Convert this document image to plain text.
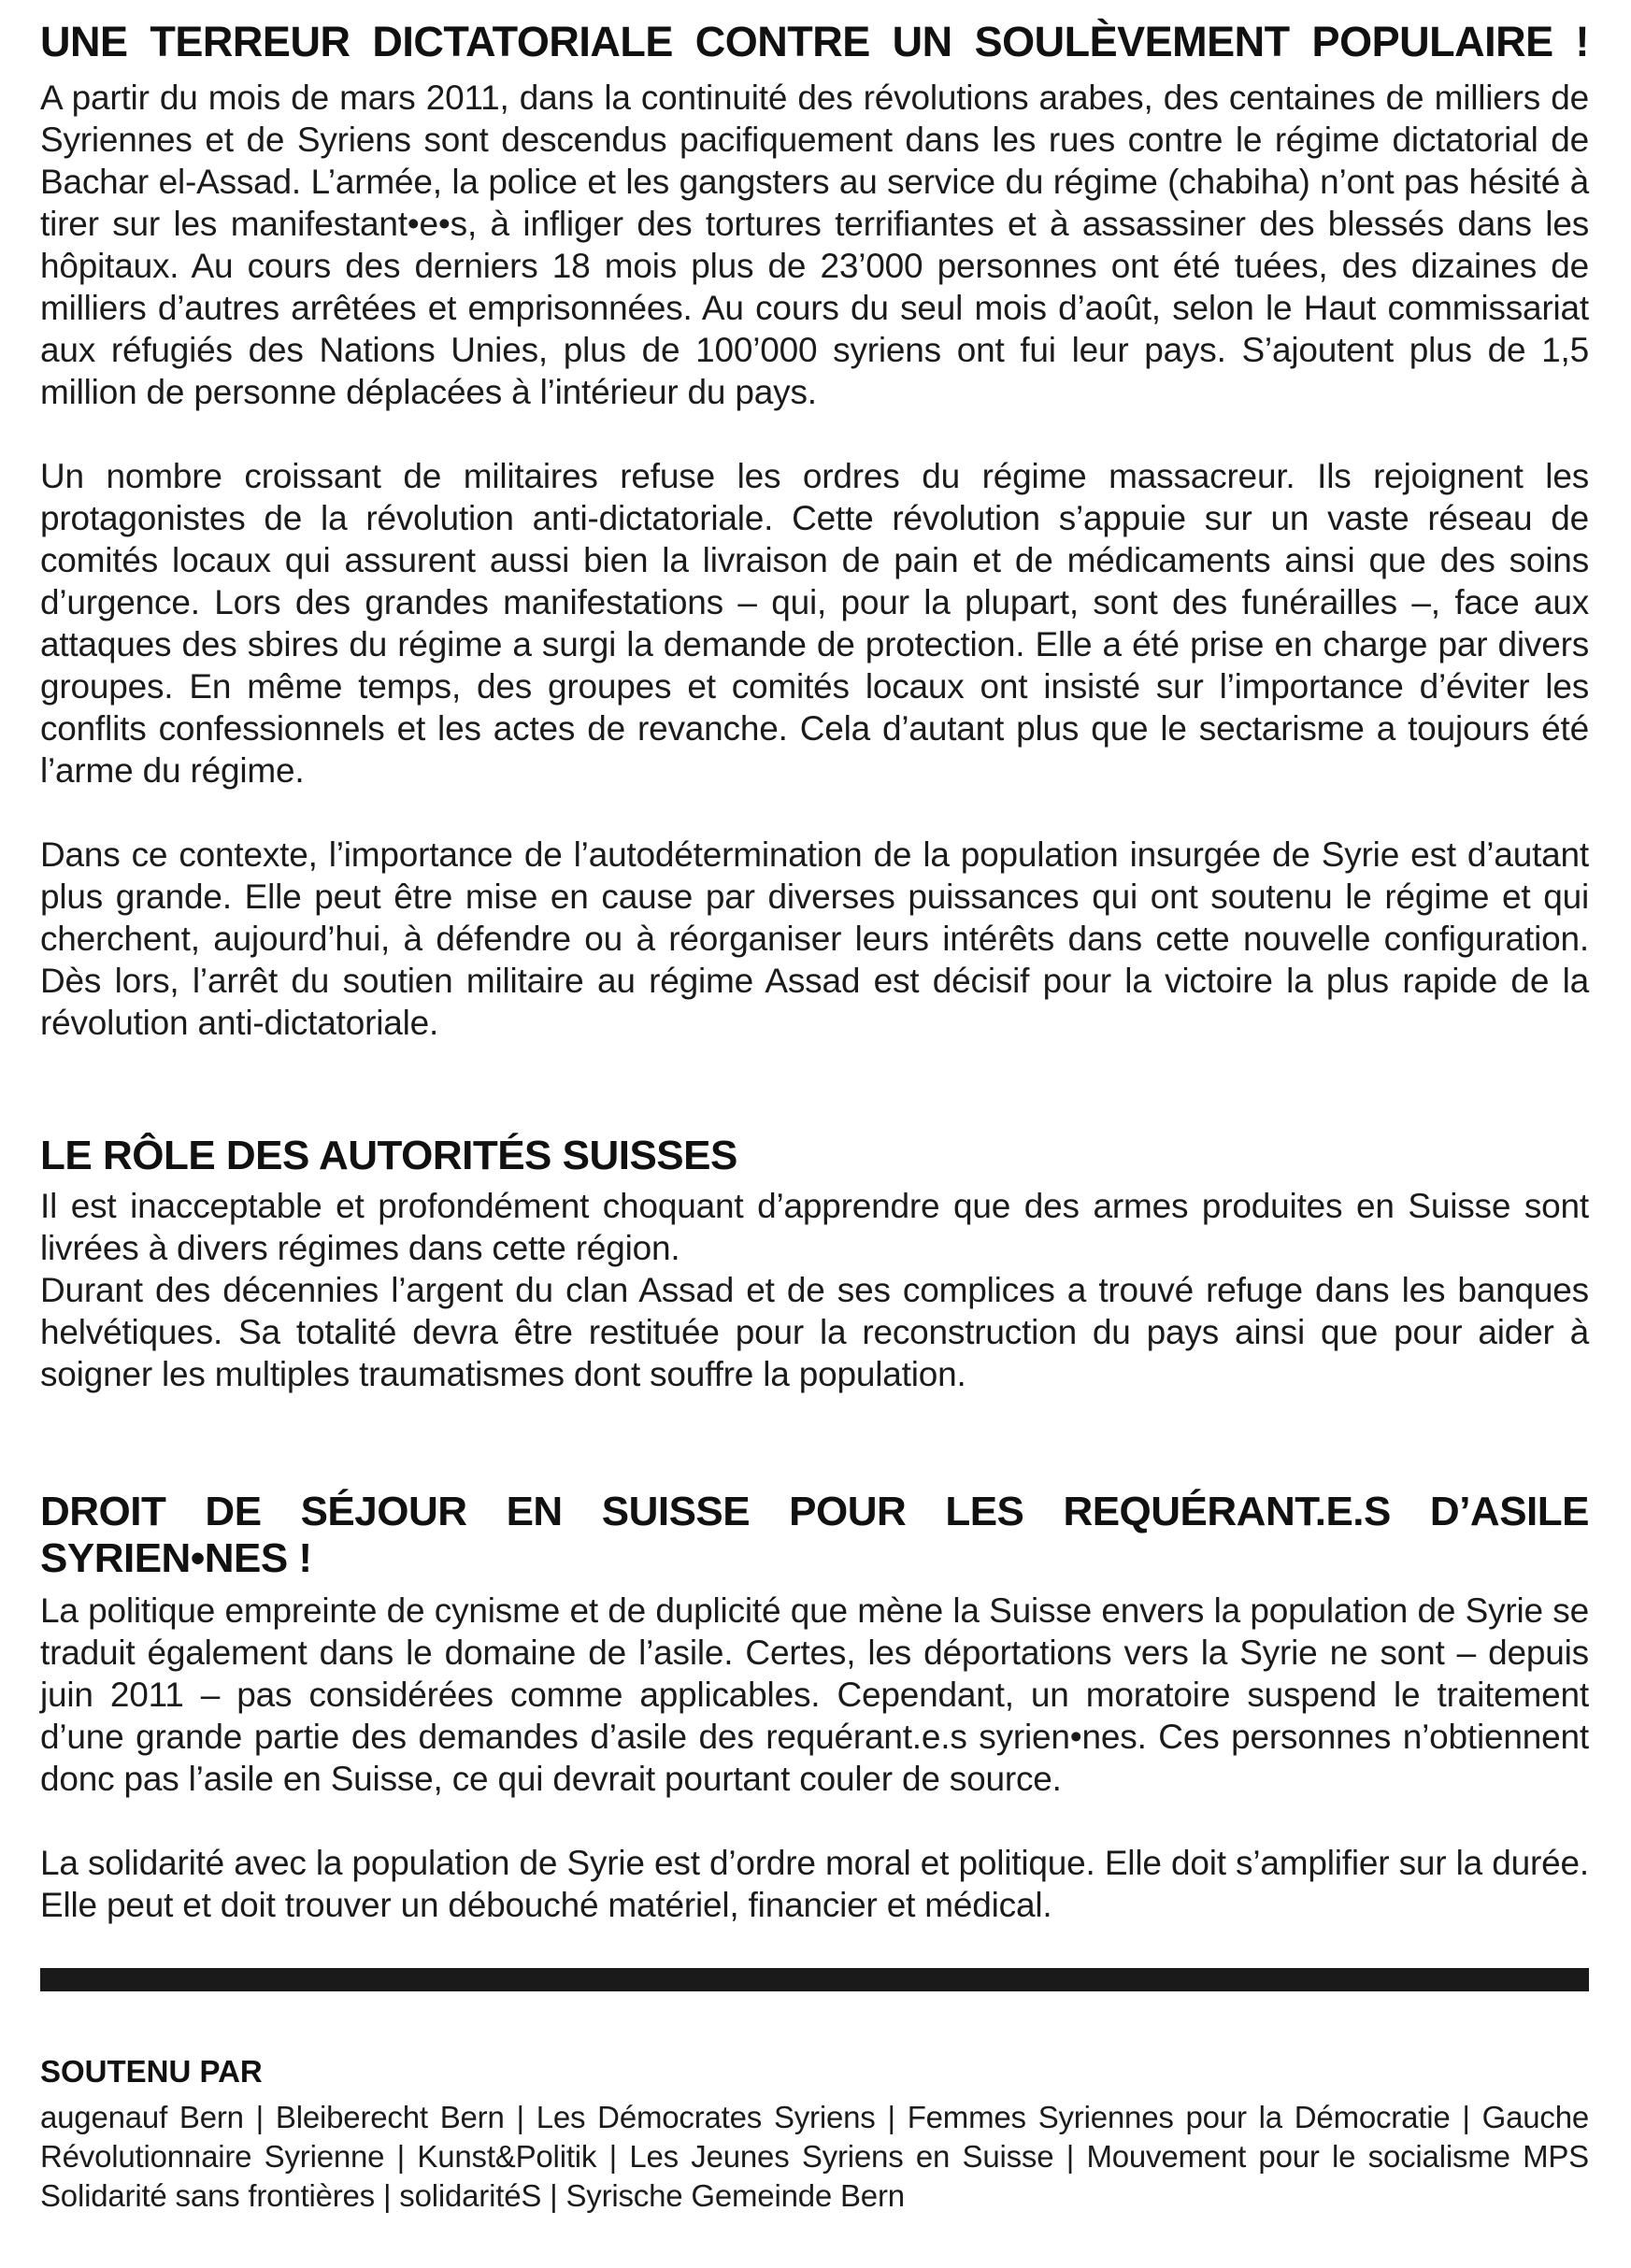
UNE TERREUR DICTATORIALE CONTRE UN SOULÈVEMENT POPULAIRE !

A partir du mois de mars 2011, dans la continuité des révolutions arabes, des centaines de milliers de Syriennes et de Syriens sont descendus pacifiquement dans les rues contre le régime dictatorial de Bachar el-Assad. L’armée, la police et les gangsters au service du régime (chabiha) n’ont pas hésité à tirer sur les manifestant•e•s, à infliger des tortures terrifiantes et à assassiner des blessés dans les hôpitaux. Au cours des derniers 18 mois plus de 23’000 personnes ont été tuées, des dizaines de milliers d’autres arrêtées et emprisonnées. Au cours du seul mois d’août, selon le Haut commissariat aux réfugiés des Nations Unies, plus de 100’000 syriens ont fui leur pays. S’ajoutent plus de 1,5 million de personne déplacées à l’intérieur du pays.

Un nombre croissant de militaires refuse les ordres du régime massacreur. Ils rejoignent les protagonistes de la révolution anti-dictatoriale. Cette révolution s’appuie sur un vaste réseau de comités locaux qui assurent aussi bien la livraison de pain et de médicaments ainsi que des soins d’urgence. Lors des grandes manifestations – qui, pour la plupart, sont des funérailles –, face aux attaques des sbires du régime a surgi la demande de protection. Elle a été prise en charge par divers groupes. En même temps, des groupes et comités locaux ont insisté sur l’importance d’éviter les conflits confessionnels et les actes de revanche. Cela d’autant plus que le sectarisme a toujours été l’arme du régime.

Dans ce contexte, l’importance de l’autodétermination de la population insurgée de Syrie est d’autant plus grande. Elle peut être mise en cause par diverses puissances qui ont soutenu le régime et qui cherchent, aujourd’hui, à défendre ou à réorganiser leurs intérêts dans cette nouvelle configuration. Dès lors, l’arrêt du soutien militaire au régime Assad est décisif pour la victoire la plus rapide de la révolution anti-dictatoriale.

LE RÔLE DES AUTORITÉS SUISSES

Il est inacceptable et profondément choquant d’apprendre que des armes produites en Suisse sont livrées à divers régimes dans cette région.

Durant des décennies l’argent du clan Assad et de ses complices a trouvé refuge dans les banques helvétiques. Sa totalité devra être restituée pour la reconstruction du pays ainsi que pour aider à soigner les multiples traumatismes dont souffre la population.

DROIT DE SÉJOUR EN SUISSE POUR LES REQUÉRANT.E.S D’ASILE
SYRIEN•NES !

La politique empreinte de cynisme et de duplicité que mène la Suisse envers la population de Syrie se traduit également dans le domaine de l’asile. Certes, les déportations vers la Syrie ne sont – depuis juin 2011 – pas considérées comme applicables. Cependant, un moratoire suspend le traitement d’une grande partie des demandes d’asile des requérant.e.s syrien•nes. Ces personnes n’obtiennent donc pas l’asile en Suisse, ce qui devrait pourtant couler de source.

La solidarité avec la population de Syrie est d’ordre moral et politique. Elle doit s’amplifier sur la durée. Elle peut et doit trouver un débouché matériel, financier et médical.

SOUTENU PAR

augenauf Bern | Bleiberecht Bern | Les Démocrates Syriens | Femmes Syriennes pour la Démocratie | Gauche Révolutionnaire Syrienne | Kunst&Politik | Les Jeunes Syriens en Suisse | Mouvement pour le socialisme MPS Solidarité sans frontières | solidaritéS | Syrische Gemeinde Bern
